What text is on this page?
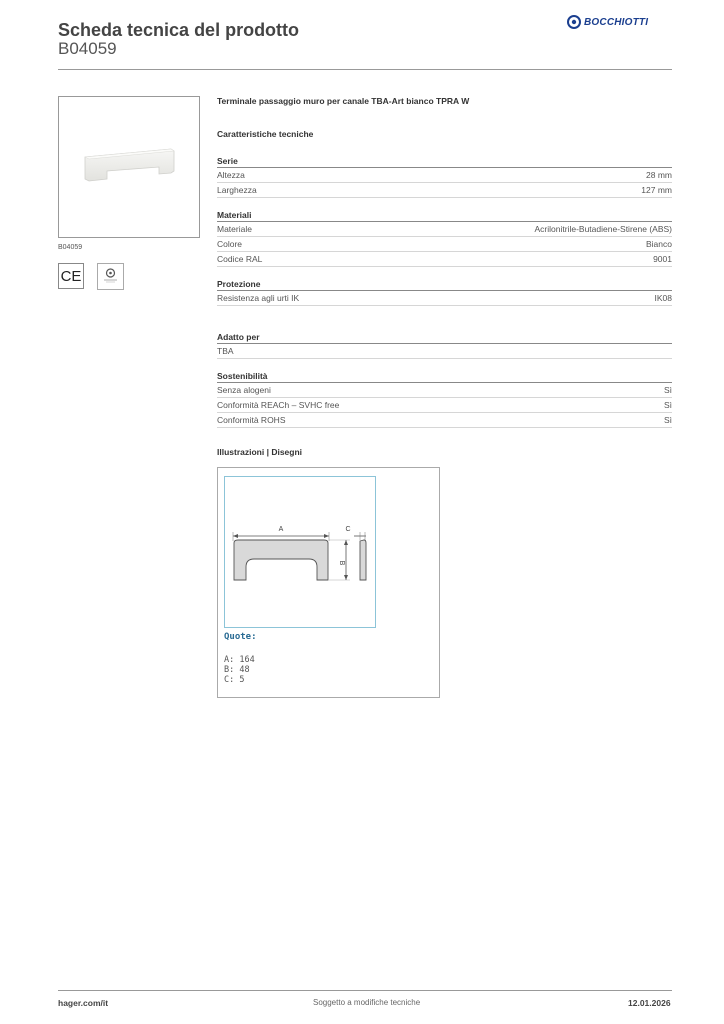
Scheda tecnica del prodotto
B04059
BOCCHIOTTI
B04059
CE
Terminale passaggio muro per canale TBA-Art bianco TPRA W
Caratteristiche tecniche
Serie
Altezza	28 mm
Larghezza	127 mm
Materiali
Materiale	Acrilonitrile-Butadiene-Stirene (ABS)
Colore	Bianco
Codice RAL	9001
Protezione
Resistenza agli urti IK	IK08
Adatto per
TBA
Sostenibilità
Senza alogeni	Sì
Conformità REACh – SVHC free	Sì
Conformità ROHS	Sì
Illustrazioni | Disegni
A
B
C
Quote:
A: 164
B: 48
C: 5
hager.com/it	Soggetto a modifiche tecniche	12.01.2026
